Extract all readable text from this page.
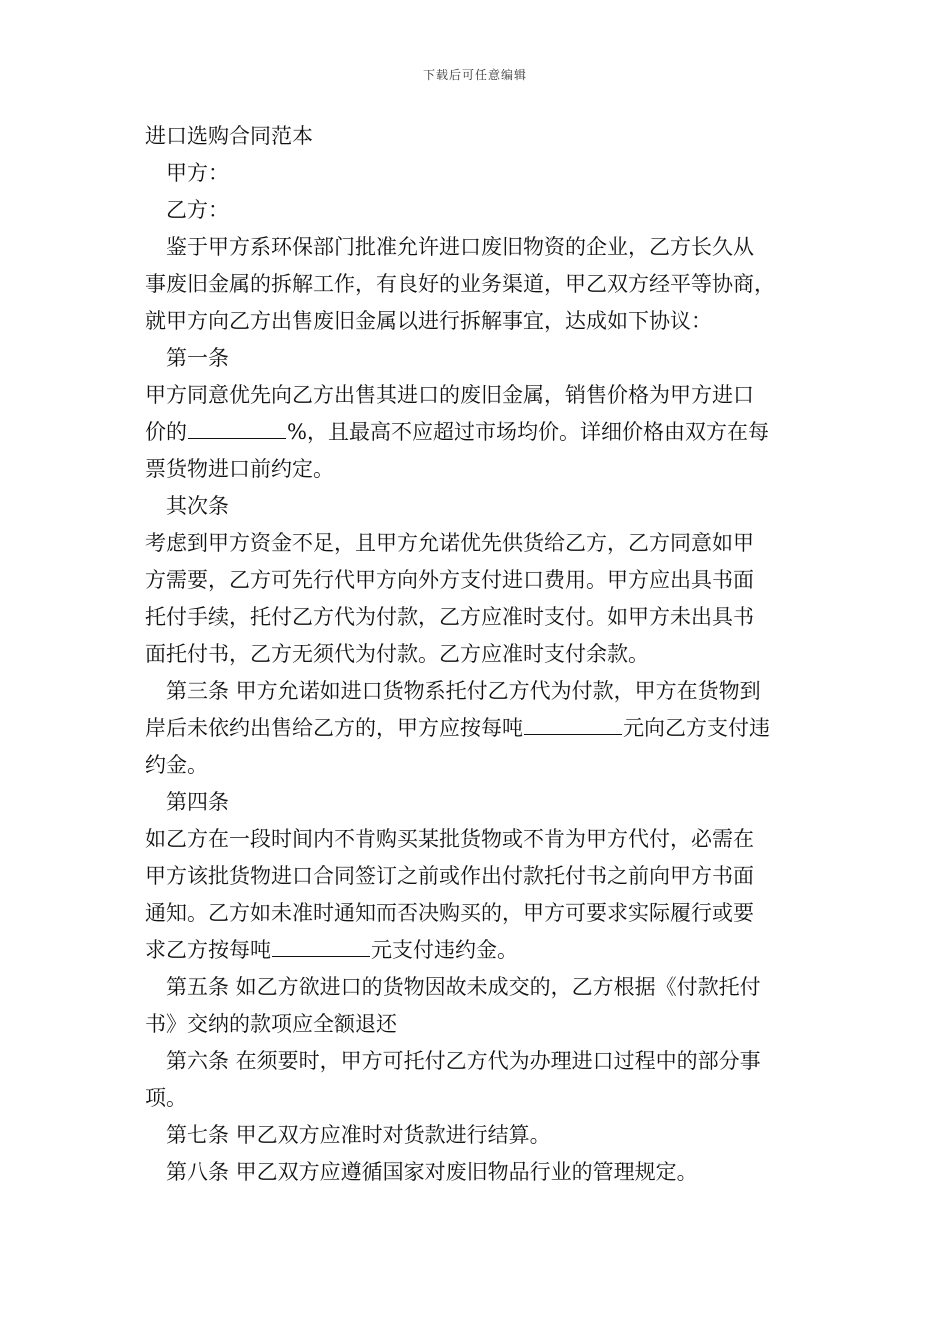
下载后可任意编辑

进口选购合同范本

甲方：

乙方：

鉴于甲方系环保部门批准允许进口废旧物资的企业，乙方长久从

事废旧金属的拆解工作，有良好的业务渠道，甲乙双方经平等协商，

就甲方向乙方出售废旧金属以进行拆解事宜，达成如下协议：

第一条

甲方同意优先向乙方出售其进口的废旧金属，销售价格为甲方进口

价的	%，且最高不应超过市场均价。详细价格由双方在每

票货物进口前约定。

其次条

考虑到甲方资金不足，且甲方允诺优先供货给乙方，乙方同意如甲

方需要，乙方可先行代甲方向外方支付进口费用。甲方应出具书面

托付手续，托付乙方代为付款，乙方应准时支付。如甲方未出具书

面托付书，乙方无须代为付款。乙方应准时支付余款。

第三条 甲方允诺如进口货物系托付乙方代为付款，甲方在货物到

岸后未依约出售给乙方的，甲方应按每吨	元向乙方支付违

约金。

第四条

如乙方在一段时间内不肯购买某批货物或不肯为甲方代付，必需在

甲方该批货物进口合同签订之前或作出付款托付书之前向甲方书面

通知。乙方如未准时通知而否决购买的，甲方可要求实际履行或要

求乙方按每吨	元支付违约金。

第五条 如乙方欲进口的货物因故未成交的，乙方根据《付款托付

书》交纳的款项应全额退还

第六条 在须要时，甲方可托付乙方代为办理进口过程中的部分事

项。

第七条 甲乙双方应准时对货款进行结算。

第八条 甲乙双方应遵循国家对废旧物品行业的管理规定。
